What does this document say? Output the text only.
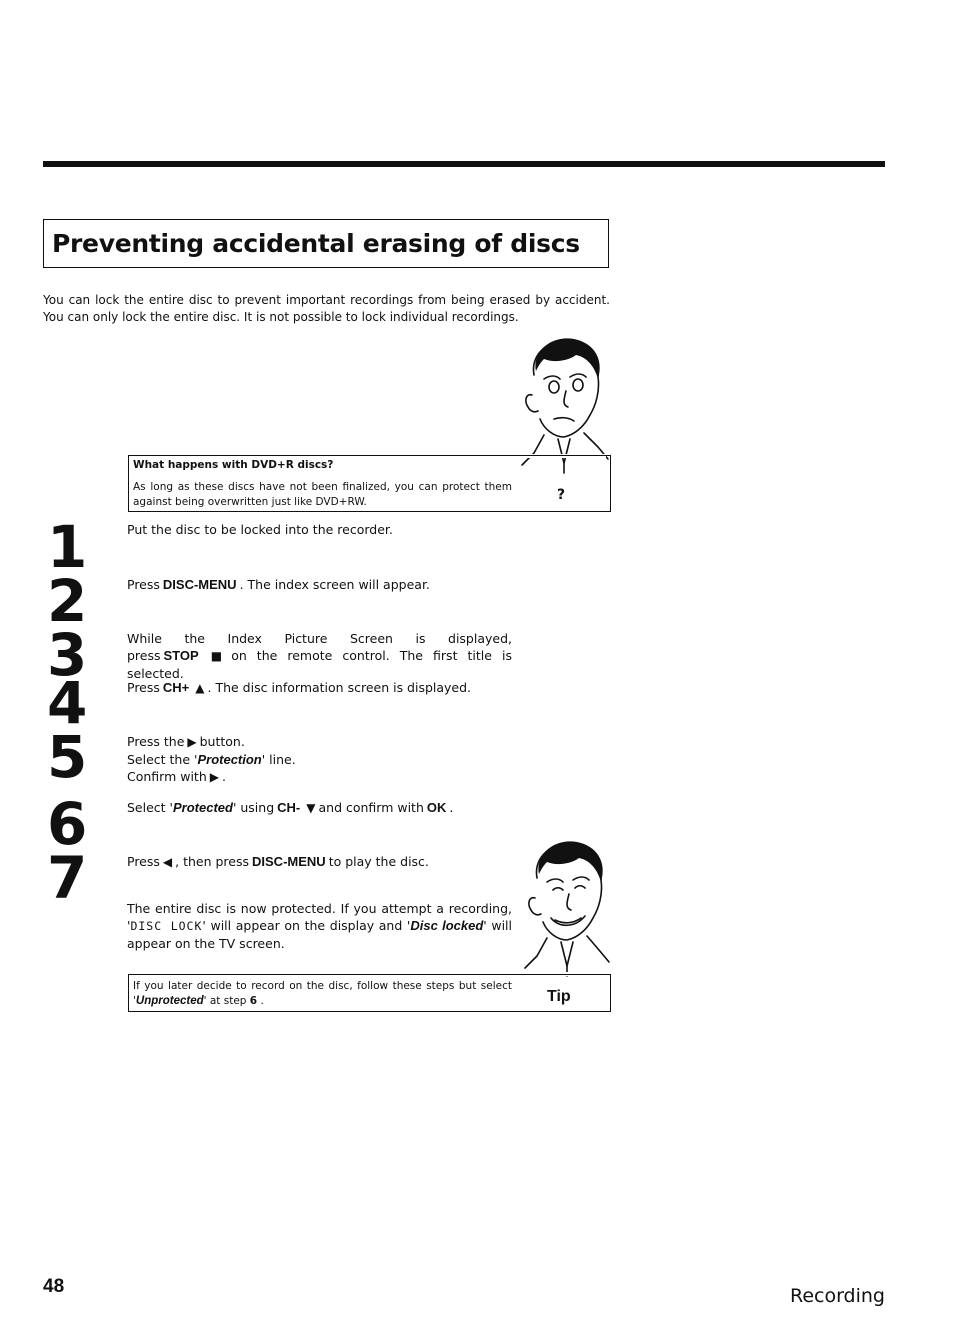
Preventing accidental erasing of discs

You can lock the entire disc to prevent important recordings from being erased by accident. You can only lock the entire disc. It is not possible to lock individual recordings.

What happens with DVD+R discs?
As long as these discs have not been finalized, you can protect them against being overwritten just like DVD+RW.	?
1
2
3
4
5
6
7

Put the disc to be locked into the recorder.

Press DISC-MENU . The index screen will appear.

While the Index Picture Screen is displayed, press STOP ■ on the remote control. The first title is selected.

Press CH+ ▲ . The disc information screen is displayed.

Press the ▶ button.
Select the 'Protection' line.
Confirm with ▶ .

Select 'Protected' using CH- ▼ and confirm with OK .

Press ◀ , then press DISC-MENU to play the disc.

The entire disc is now protected. If you attempt a recording, 'DISC LOCK' will appear on the display and 'Disc locked' will appear on the TV screen.

If you later decide to record on the disc, follow these steps but select 'Unprotected' at step 6 .	Tip
48	Recording
